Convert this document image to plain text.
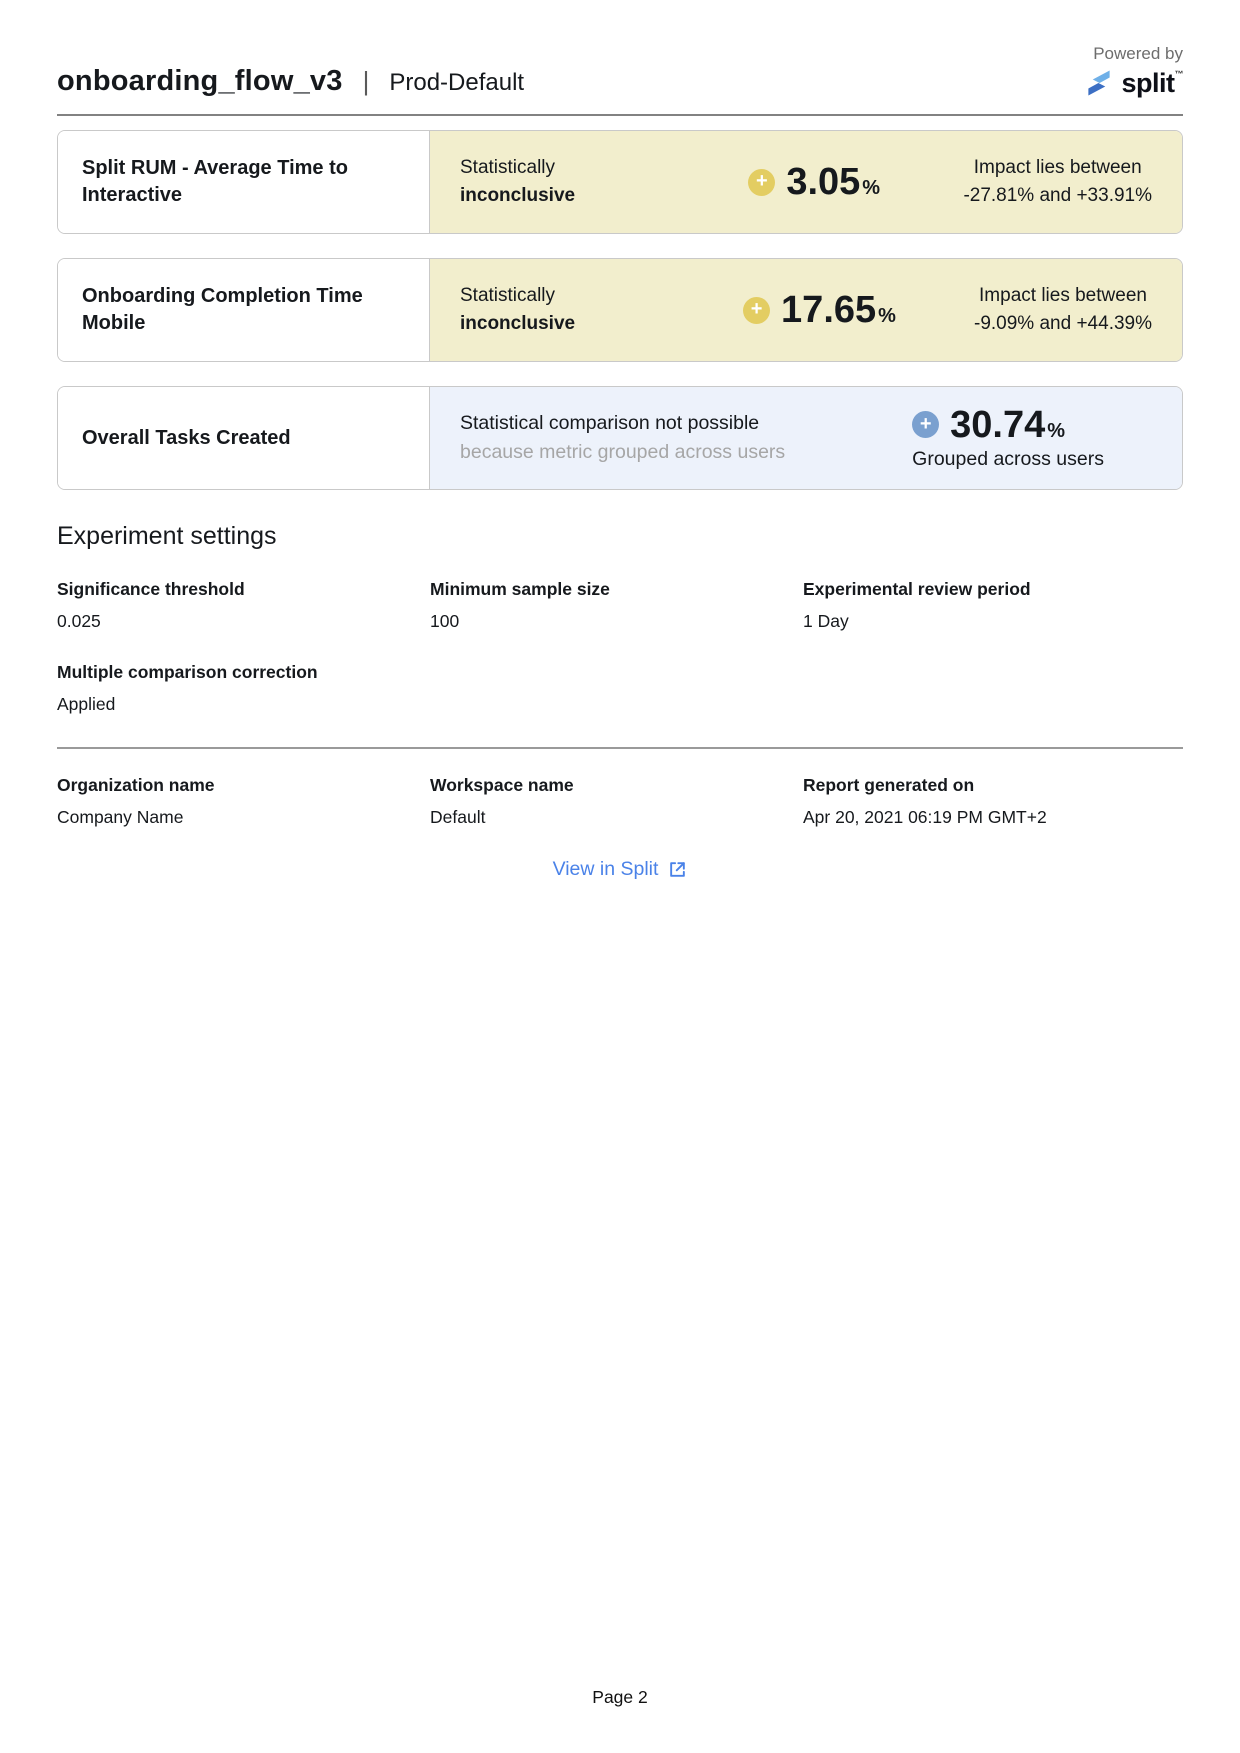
onboarding_flow_v3 | Prod-Default
Powered by
split™
Split RUM - Average Time to Interactive
Statistically
inconclusive
+ 3.05 %
Impact lies between
-27.81% and +33.91%
Onboarding Completion Time Mobile
Statistically
inconclusive
+ 17.65 %
Impact lies between
-9.09% and +44.39%
Overall Tasks Created
Statistical comparison not possible
because metric grouped across users
+ 30.74 %
Grouped across users
Experiment settings
Significance threshold
0.025
Minimum sample size
100
Experimental review period
1 Day
Multiple comparison correction
Applied
Organization name
Company Name
Workspace name
Default
Report generated on
Apr 20, 2021 06:19 PM GMT+2
View in Split
Page 2
